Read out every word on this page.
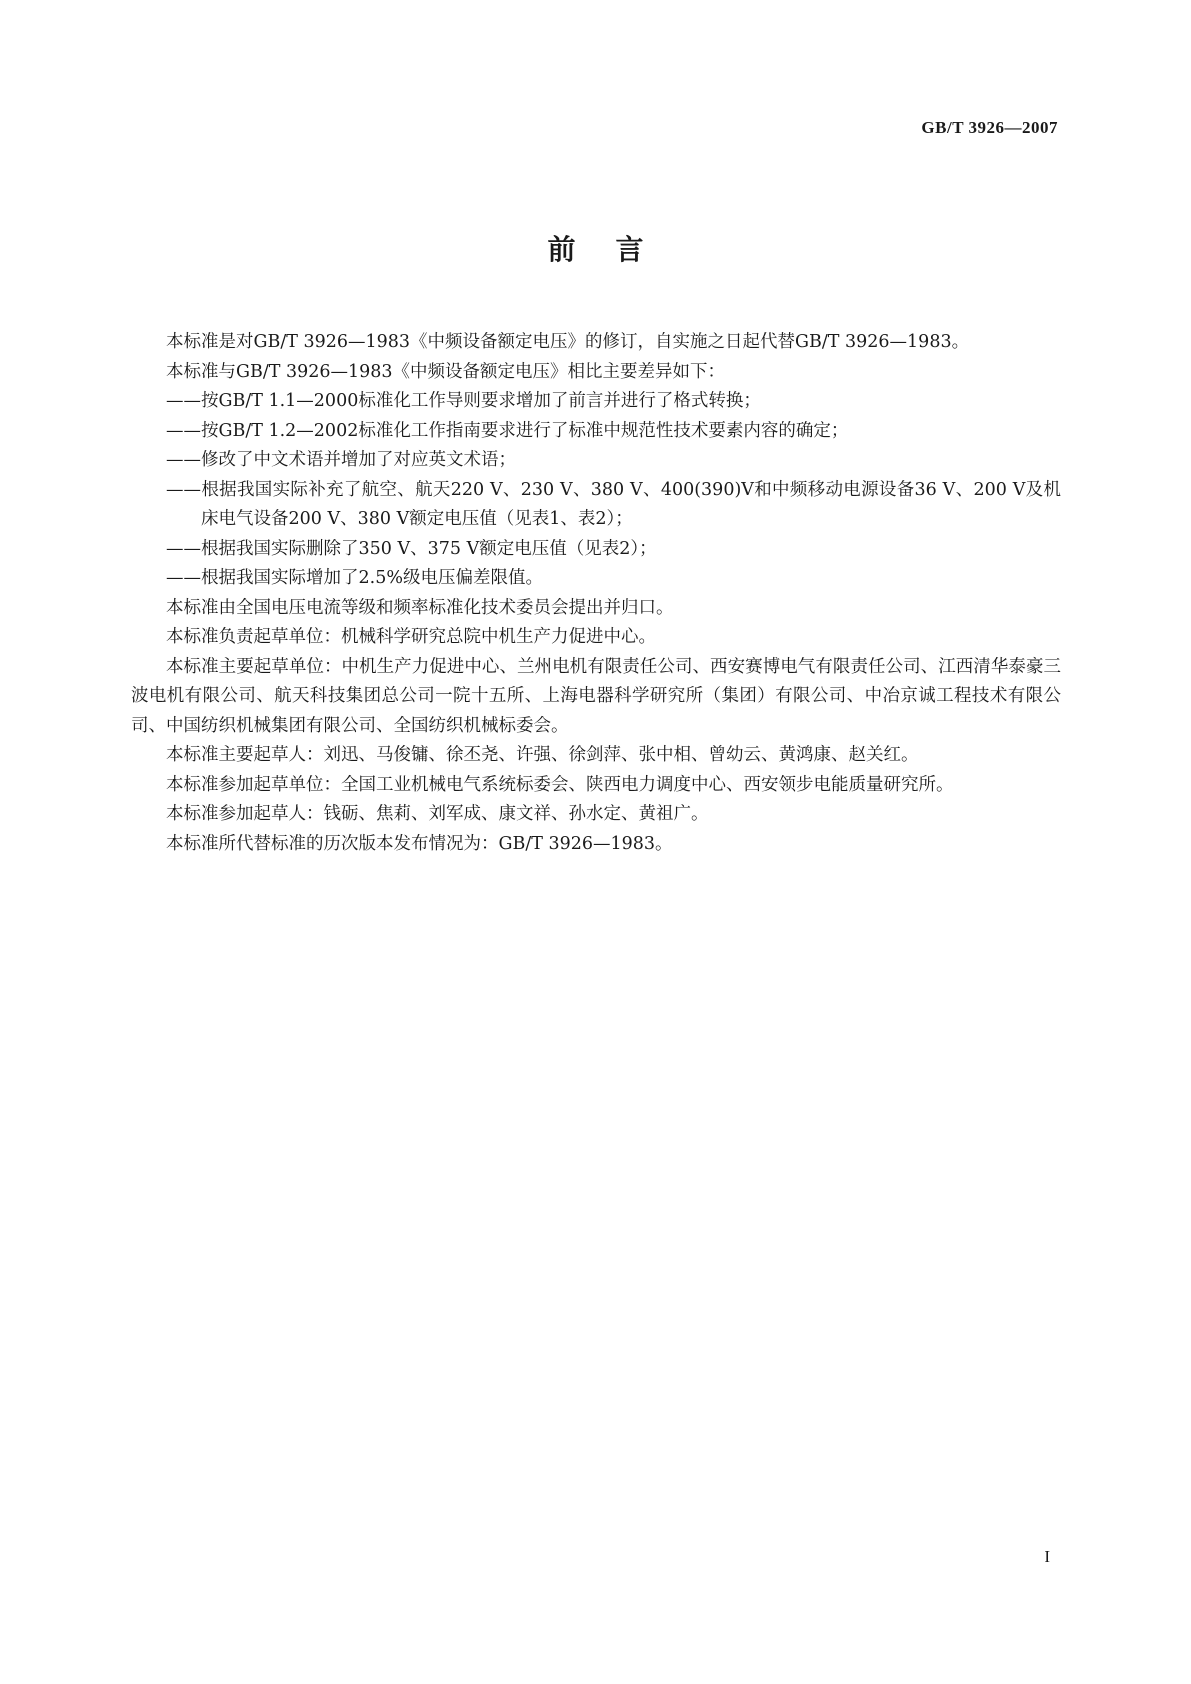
GB/T 3926—2007
前言

本标准是对GB/T 3926—1983《中频设备额定电压》的修订，自实施之日起代替GB/T 3926—1983。

本标准与GB/T 3926—1983《中频设备额定电压》相比主要差异如下：

——按GB/T 1.1—2000标准化工作导则要求增加了前言并进行了格式转换；

——按GB/T 1.2—2002标准化工作指南要求进行了标准中规范性技术要素内容的确定；

——修改了中文术语并增加了对应英文术语；

——根据我国实际补充了航空、航天220 V、230 V、380 V、400(390)V和中频移动电源设备36 V、200 V及机床电气设备200 V、380 V额定电压值（见表1、表2）；

——根据我国实际删除了350 V、375 V额定电压值（见表2）；

——根据我国实际增加了2.5%级电压偏差限值。

本标准由全国电压电流等级和频率标准化技术委员会提出并归口。

本标准负责起草单位：机械科学研究总院中机生产力促进中心。

本标准主要起草单位：中机生产力促进中心、兰州电机有限责任公司、西安赛博电气有限责任公司、江西清华泰豪三波电机有限公司、航天科技集团总公司一院十五所、上海电器科学研究所（集团）有限公司、中冶京诚工程技术有限公司、中国纺织机械集团有限公司、全国纺织机械标委会。

本标准主要起草人：刘迅、马俊镛、徐丕尧、许强、徐剑萍、张中相、曾幼云、黄鸿康、赵关红。

本标准参加起草单位：全国工业机械电气系统标委会、陕西电力调度中心、西安领步电能质量研究所。

本标准参加起草人：钱砺、焦莉、刘军成、康文祥、孙水定、黄祖广。

本标准所代替标准的历次版本发布情况为：GB/T 3926—1983。

I
